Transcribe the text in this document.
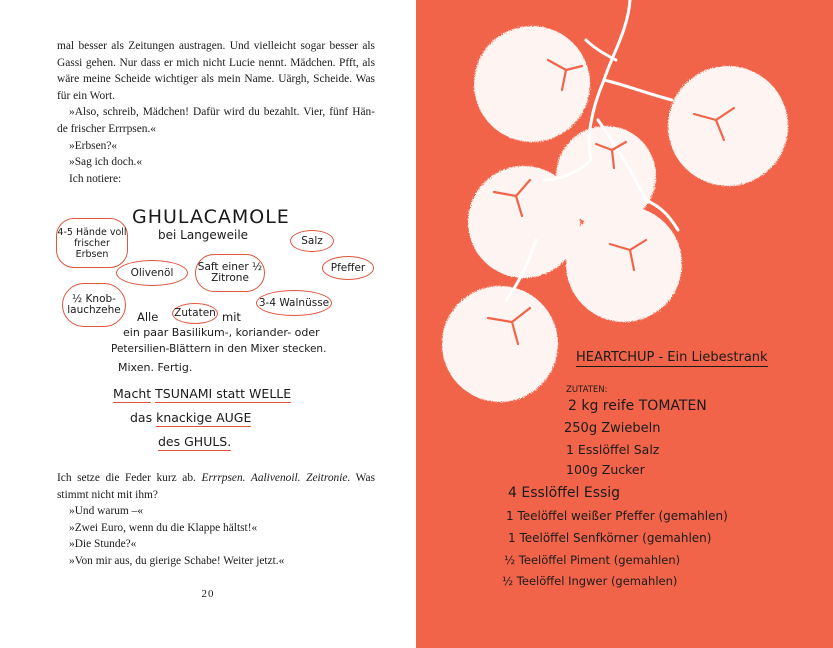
mal besser als Zeitungen austragen. Und vielleicht sogar besser als Gassi gehen. Nur dass er mich nicht Lucie nennt. Mädchen. Pfft, als wäre meine Scheide wichtiger als mein Name. Uärgh, Scheide. Was für ein Wort.

»Also, schreib, Mädchen! Dafür wird du bezahlt. Vier, fünf Hän- de frischer Errrpsen.«

»Erbsen?«

»Sag ich doch.«

Ich notiere:

GHULACAMOLE
bei Langeweile
4-5 Hände voll frischer Erbsen
Olivenöl	Saft einer ½ Zitrone
Salz
Pfeffer
½ Knob- lauchzehe
3-4 Walnüsse
Alle Zutaten mit
ein paar Basilikum-, koriander- oder
Petersilien-Blättern in den Mixer stecken.
Mixen. Fertig.
Macht TSUNAMI statt WELLE
das knackige AUGE
des GHULS.

Ich setze die Feder kurz ab. Errrpsen. Aalivenoil. Zeitronie. Was stimmt nicht mit ihm?

»Und warum –«

»Zwei Euro, wenn du die Klappe hältst!«

»Die Stunde?«

»Von mir aus, du gierige Schabe! Weiter jetzt.«

20
HEARTCHUP - Ein Liebestrank
ZUTATEN:
2 kg reife TOMATEN
250g Zwiebeln
1 Esslöffel Salz
100g Zucker
4 Esslöffel Essig
1 Teelöffel weißer Pfeffer (gemahlen)
1 Teelöffel Senfkörner (gemahlen)
½ Teelöffel Piment (gemahlen)
½ Teelöffel Ingwer (gemahlen)
